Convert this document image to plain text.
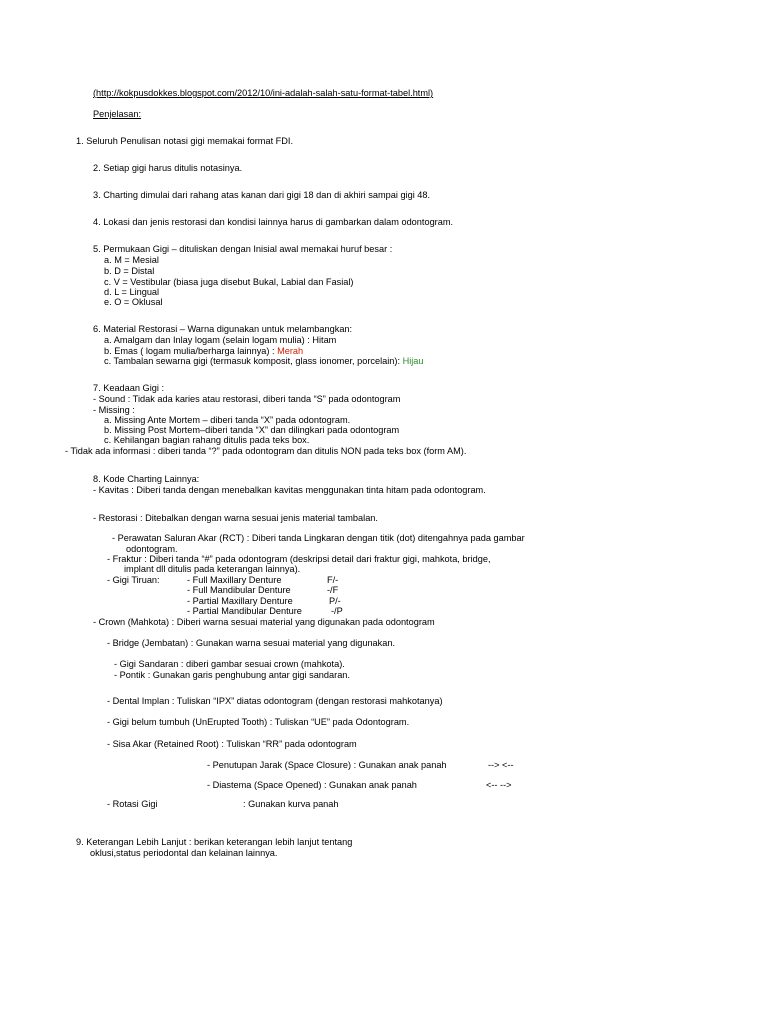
(http://kokpusdokkes.blogspot.com/2012/10/ini-adalah-salah-satu-format-tabel.html)
Penjelasan:
1. Seluruh Penulisan notasi gigi memakai format FDI.
2. Setiap gigi harus ditulis notasinya.
3. Charting dimulai dari rahang atas kanan dari gigi 18 dan di akhiri sampai gigi 48.
4. Lokasi dan jenis restorasi dan kondisi lainnya harus di gambarkan dalam odontogram.
5. Permukaan Gigi – dituliskan dengan Inisial awal memakai huruf besar :
a. M = Mesial
b. D = Distal
c. V = Vestibular (biasa juga disebut Bukal, Labial dan Fasial)
d. L = Lingual
e. O = Oklusal
6. Material Restorasi – Warna digunakan untuk melambangkan:
a. Amalgam dan Inlay logam (selain logam mulia) : Hitam
b. Emas ( logam mulia/berharga lainnya) : Merah
c. Tambalan sewarna gigi (termasuk komposit, glass ionomer, porcelain): Hijau
7. Keadaan Gigi :
- Sound : Tidak ada karies atau restorasi, diberi tanda “S” pada odontogram
- Missing :
a. Missing Ante Mortem – diberi tanda “X” pada odontogram.
b. Missing Post Mortem–diberi tanda “X” dan dilingkari pada odontogram
c. Kehilangan bagian rahang ditulis pada teks box.
- Tidak ada informasi : diberi tanda “?” pada odontogram dan ditulis NON pada teks box (form AM).
8. Kode Charting Lainnya:
- Kavitas : Diberi tanda dengan menebalkan kavitas menggunakan tinta hitam pada odontogram.
- Restorasi : Ditebalkan dengan warna sesuai jenis material tambalan.
- Perawatan Saluran Akar (RCT) : Diberi tanda Lingkaran dengan titik (dot) ditengahnya pada gambar
odontogram.
- Fraktur : Diberi tanda “#” pada odontogram (deskripsi detail dari fraktur gigi, mahkota, bridge,
implant dll ditulis pada keterangan lainnya).
- Gigi Tiruan:	- Full Maxillary Denture	F/-
- Full Mandibular Denture	-/F
- Partial Maxillary Denture	P/-
- Partial Mandibular Denture	-/P
- Crown (Mahkota) : Diberi warna sesuai material yang digunakan pada odontogram
- Bridge (Jembatan) : Gunakan warna sesuai material yang digunakan.
- Gigi Sandaran : diberi gambar sesuai crown (mahkota).
- Pontik : Gunakan garis penghubung antar gigi sandaran.
- Dental Implan : Tuliskan “IPX” diatas odontogram (dengan restorasi mahkotanya)
- Gigi belum tumbuh (UnErupted Tooth) : Tuliskan “UE” pada Odontogram.
- Sisa Akar (Retained Root) : Tuliskan “RR” pada odontogram
- Penutupan Jarak (Space Closure) : Gunakan anak panah	--> <--
- Diastema (Space Opened) : Gunakan anak panah	<-- -->
- Rotasi Gigi	: Gunakan kurva panah
9. Keterangan Lebih Lanjut : berikan keterangan lebih lanjut tentang
oklusi,status periodontal dan kelainan lainnya.
